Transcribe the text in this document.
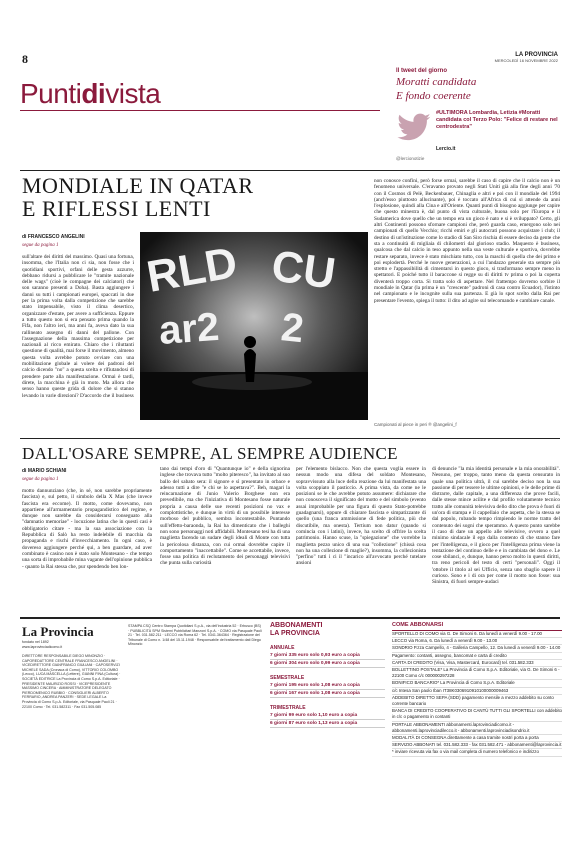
8	LA PROVINCIA
MERCOLEDÌ 16 NOVEMBRE 2022
Puntidivista
Il tweet del giorno
Moratti candidata
E fondo coerente
#ULTIMORA Lombardia, Letizia #Moratti candidata col Terzo Polo: "Felice di restare nel centrodestra"
Lercio.it
@lercionotizie
MONDIALE IN QATAR
E RIFLESSI LENTI
di FRANCESCO ANGELINI
segue da pagina 1
sull'altare dei diritti del massimo. Quasi una fortuna, insomma, che l'Italia non ci sia, non fosse che i quotidiani sportivi, orfani delle gesta azzurre, debbano ridursi a pubblicare le "tramite nazionale delle wags" (cioè le compagne dei calciatori) che son saranno presenti a Doha). Basta aggiungere i danni su tutti i campionati europei, spaccati in due per la prima volta dalla competizione che sarebbe stato impensabile, visto il clima desertico, organizzare d'estate, per avere a sufficienza. Eppure a tutto questo non si era pensato prima quando la Fifa, non l'altro ieri, ma anni fa, aveva dato la sua rallineato assegno di danni del pallone. Con l'assegnazione della massima competizione per nazionali al ricco emirato. Chiaro che i riluttanti questione di qualità, mai forse il movimento, almeno questa volta avrebbe potuto ovviare con una mobilitazione globale ai volere dei padroni del calcio dicendo "no" a questa scelta e rifiutandosi di prendere parte alla manifestazione. Ormai è tardi, direte, la macchina è già in moto. Ma allora che senso hanno queste grida di dolore che si stanno levando in varie direzioni? D'accordo che il business
RLD CU
ar2 2
non conosce confini, però forse ormai, sarebbe il caso di capire che il calcio non è un fenomeno universale. C'eravamo provato negli Stati Uniti già alla fine degli anni '70 con il Cosmos di Pelè, Beckenbauer, Chinaglia e altri e poi con il mondiale del 1994 (anch'esso piuttosto allucinante), poi è toccato all'Africa di cui si attende da anni l'esplosione, quindi alla Cina e all'Oriente. Quanti punti di bisogno aggiunge per capire che questo minestra è, dal punto di vista culturale, buona solo per l'Europa e il Sudamerica dove quello che un tempo era un gioco è nato e si è sviluppato? Certo, gli altri Continenti possono sfornare campioni che, però guarda caso, emergono solo nei campionati di quello Vecchio; ricchi emiri e gli autocrati possono acquistare i club; il destino di un'istituzione come lo stadio di San Siro rischia di essere deciso da gente che sta a continuità di migliaia di chilometri dal glorioso stadio. Maquesto è business, qualcosa che dal calcio in teso appunto nella sua veste culturale e sportiva, dovrebbe restare separato, invece è stato mischiato tutto, con la maschi di quella che dei primo e poi esplodertà. Perché le nuove generazioni, a cui l'andazzo generale sta sempre più stretto e l'appassibilità di cimentarsi in questo gioco, si trasformano sempre meno in spettatori. E poiché tutto il baraccone si regge su di diritti tv prima o poi la coperta diventerà troppo corta. Si tratta solo di aspettare. Nel frattempo dovremo sorbire il mondiale in Qatar (la prima è un "crescente" padroni di casa contro Ecuador), l'istinto nel campionato e le incognite sulla sua partenza. E già lo spot scelto dalla Rai per presentare l'evento, spiega il tutto: il dito ad agire sul telecomando e cambiare canale.
Campionati al piece in peri ® @angelini_f
DALL'OSARE SEMPRE, AL SEMPRE AUDIENCE
di MARIO SCHIANI
segue da pagina 1
motto dannunziano (che, in sé, non sarebbe propriamente fascista) e, sul petto, il simbolo della X Mas (che invece fascista era eccome). Il motto, come dovevamo, non appartiene all'armamentario propagandistico del regime, e dunque non sarebbe da considerarsi conseguato alla "damnatio memoriae" - locuzione latina che in questi casi è obbligatorio citare - ma la sua associazione con la Repubblica di Salò ha resto indelebile di macchia da propaganda e rischi d'invecchiamento. In ogni caso, è dovereso aggiungere perché qui, a ben guardare, ad aver combinato è casino non è stato solo Montesano - che tempo una sorta di improbabile mina vagante dell'opinione pubblica - quanto la Rai stessa che, pur spendendo ben lon-
tano dai tempi d'oro di "Quantunque io" e della signorina inglese che trovava tutto "molto piteresco", ha invitato al suo ballo del sabato sera: il signore e sì presentato in orbace e adesso tutti a dire "e chi se lo aspettava?". Beh, magari la reincarnazione di Junio Valerio Borghese non era prevedibile, ma che l'iniziativa di Montesano fosse naturale propria a causa delle sue recenti posizioni no vax e complottistiche, e dunque in virtù di un possibile interesse morboso del pubblico, sembra incontestabile. Puntando sull'effetto-baraonda, la Rai ha dimenticato che i balleghi non sono personaggi noti affidabili. Montesano tesi ha di una maglietta facendo un sudare degli ideali di Monte con tutta la pericolosa distanza, con cui ormai dovrebbe capire il comportamento "inaccettabile". Come se accettabile, invece, fosse una politica di reclutamento dei personaggi televisivi che punta sulla curiosità
per l'elemento bislacco. Non che questa voglia essere in nessun modo una difesa del soldato Montesano, sopravvissuto alla luce della reazione da lui manifestata una volta scoppiato il pasticcio. A prima vista, da come ne le posizioni se le che avrebbe potuto assumere: dichiarare che non conosceva il significato del motto e del simbolo (evento assai improbabile per una figura di questo Stato-potrebbe guadagnarsi), oppure di chiarare fascista e simpatizzante di quello (una franca ammissione di fede politica, più che discutibile, ma onesta). Tertium non datur (quando si comincia con i latini), invece, ha scelto di offrire la scelta patrimonio. Hanno scuse, la "spiegazione" che vorrebbe la maglietta pezzo unico di una sua "collezione" (chissà cosa non ha una collezione di maglie?), insomma, la collezionista "perfino" tutti i ci il "incarico all'avvocato perché tutelare ansioni
di denuncie "la mia identità personale e la mia onorabilità". Nessuno, per troppo, tanto meno da questa censurato in quale una politica ultrà, il cui sarebbe deciso non la sua passione di per tessere le ultime opinioni, e le delle prime di distrarre, dalle capitale, a una differenza che prove facili, dalle stesse mince acilite e dal profilo volutamente tecnico tratto alle comunità televisiva dello dito che prova è fuori di un'ora di stampa e il cappellaio che aspetta, che la stessa se dal popolo, rubando tempo rimpiendo le norme tratto del contenuto dei sogni che sperammo. A questo punto sarebbe il caso di dare un appello alle televisive, ovvero a quel minimo sindacale il ego dalla contento di che stanno fare per l'intelligenza, e il gioco per l'intelligenza prima viene la tentazione del continuo delle e e in cambiata del dono e. Le cose sbilanci, e, dunque, hanno perso molto in questi diritti, tra reno pericoli del testo di certi "personali". Oggi il 'ottobre il titolo al sei Ufficio, senza uno sbaglio sapere il curioso. Sono e i di ora per come il motto non fosse: sua Sinistra, di fuori sempre-audaci
La Provincia
fondato nel 1892
www.laprovinciadicomo.it
DIRETTORE RESPONSABILE DIEGO MINONZIO · CAPOREDATTORE CENTRALE FRANCESCO ANGELINI · VICEDIRETTORE GIANFRANCO GIULIANI · CAPOSERVIZI MICHELE SADA (Cronaca di Como), VITTORIO COLOMBO (Lecco), LUCA MASCELLA (Lettere), GIANNI FINA (Cultura) · SOCIETÀ EDITRICE La Provincia di Como S.p.A. Editoriale · PRESIDENTE MAURIZIO ROSSI · VICEPRESIDENTE MASSIMO CINCERA · AMMINISTRATORE DELEGATO PIERDOMENICO RUBBIO · CONSIGLIERI ALBERTO FERRARIO, ANDREA PANZERI · SEDE LEGALE La Provincia di Como S.p.A. Editoriale, via Pasquale Paoli 21 · 22100 Como · Tel. 031.582311 · Fax 031.505.085
STAMPA CSQ Centro Stampa Quotidiani S.p.A., via dell'industria 52 · Erbusco (BS) · PUBBLICITÀ SPM Sistemi Pubblicitari Manzoni S.p.A. · COMO via Pasquale Paoli 21 · Tel. 031.582.211 · LECCO via Roma 62 · Tel. 0341.364364 · Registrazione del Tribunale di Como n. 1/48 del 15.11.1948 · Responsabile del trattamento dati Diego Minonzio
ABBONAMENTI
LA PROVINCIA
ANNUALE
7 giorni 335 euro solo 0,93 euro a copia
6 giorni 304 euro solo 0,99 euro a copia
SEMESTRALE
7 giorni 195 euro solo 1,08 euro a copia
6 giorni 167 euro solo 1,08 euro a copia
TRIMESTRALE
7 giorni 99 euro solo 1,10 euro a copia
6 giorni 87 euro solo 1,13 euro a copia
COME ABBONARSI
SPORTELLO DI COMO via G. De Simoni 6. Da lunedì a venerdì 9.00 - 17.00
LECCO via Roma, 6. Da lunedì a venerdì 9.00 - 13.00
SONDRIO P.zza Campello, 4 - Galleria Campello, 12. Da lunedì a venerdì 9.00 - 14.00
Pagamento: contanti, assegno, bancomat e carta di credito
CARTA DI CREDITO (Visa, Visa, Mastercard, Eurocard) tel. 031.582.333
BOLLETTINO POSTALE* La Provincia di Como S.p.A. Editoriale, via G. De Simoni 6 - 22100 Como c/c 000000297228
BONIFICO BANCARIO* La Provincia di Como S.p.A. Editoriale
c/c Intesa San paolo Iban IT38K0306910910100000009463
ADDEBITO DIRETTO SEPA (SDD) pagamento mensile a mezzo addebito su conto corrente bancario
BANCA DI CREDITO COOPERATIVO DI CANTÙ TUTTI GLI SPORTELLI con addebito in c/c o pagamento in contanti
PORTALE ABBONAMENTI abbonamenti.laprovinciadicomo.it - abbonamenti.laprovinciadilecco.it - abbonamenti.laprovinciadisondrio.it
MODALITÀ DI CONSEGNA direttamente a casa tramite nostri porta a porta
SERVIZIO ABBONATI tel. 031.582.333 - fax 031.582.471 - abbonamenti@laprovincia.it
* inviare ricevuta via fax o via mail completa di numero telefonico e indirizzo
